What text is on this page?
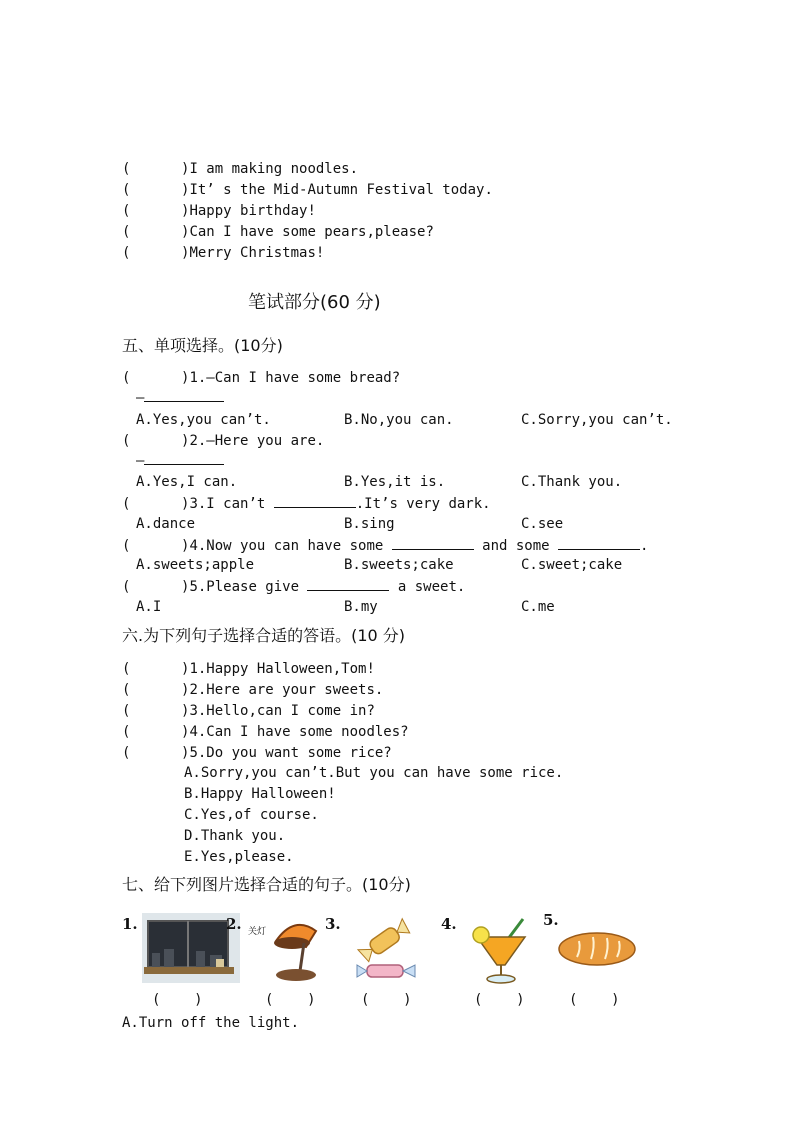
(      )I am making noodles.
(      )It’ s the Mid-Autumn Festival today.
(      )Happy birthday!
(      )Can I have some pears,please?
(      )Merry Christmas!
笔试部分(60 分)
五、单项选择。(10分)
(      )1.—Can I have some bread?
—
A.Yes,you can’t.	B.No,you can.	C.Sorry,you can’t.
(      )2.—Here you are.
—
A.Yes,I can.	B.Yes,it is.	C.Thank you.
(      )3.I can’t	.It’s very dark.
A.dance	B.sing	C.see
(      )4.Now you can have some	and some	.
A.sweets;apple	B.sweets;cake	C.sweet;cake
(      )5.Please give	a sweet.
A.I	B.my	C.me
六.为下列句子选择合适的答语。(10 分)
(      )1.Happy Halloween,Tom!
(      )2.Here are your sweets.
(      )3.Hello,can I come in?
(      )4.Can I have some noodles?
(      )5.Do you want some rice?
A.Sorry,you can’t.But you can have some rice.
B.Happy Halloween!
C.Yes,of course.
D.Thank you.
E.Yes,please.
七、给下列图片选择合适的句子。(10分)
1.	2. 关灯	3.	4.	5.
(    )	(    )	(    )	(    )	(    )
A.Turn off the light.
